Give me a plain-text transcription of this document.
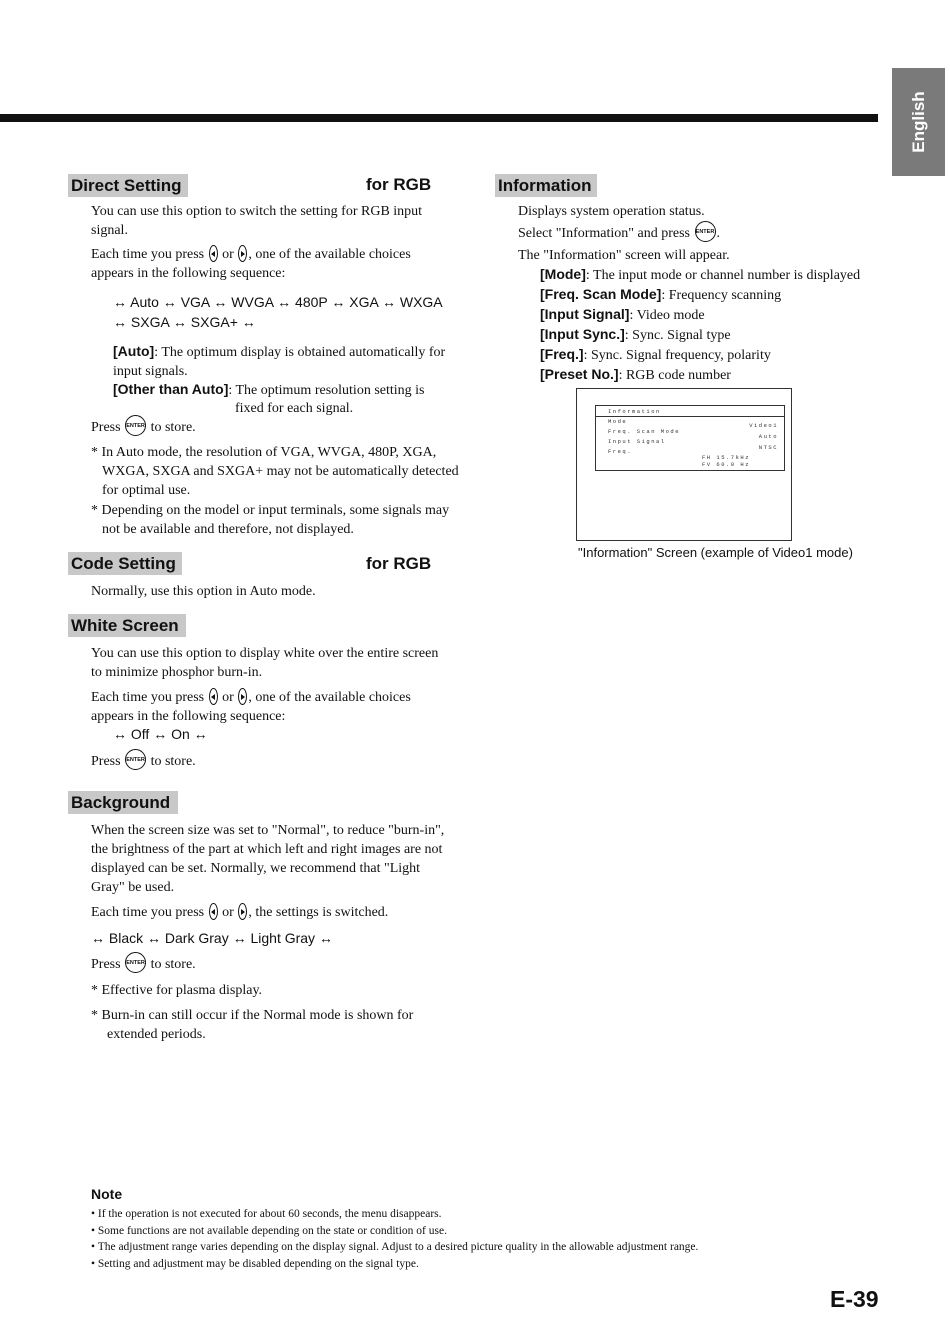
English
Direct Setting	for RGB
You can use this option to switch the setting for RGB input signal.
Each time you press or , one of the available choices appears in the following sequence:
↔ Auto ↔ VGA ↔ WVGA ↔ 480P ↔ XGA ↔ WXGA
↔ SXGA ↔ SXGA+ ↔
[Auto]: The optimum display is obtained automatically for input signals.
[Other than Auto]: The optimum resolution setting is
fixed for each signal.
Press ENTER to store.
* In Auto mode, the resolution of VGA, WVGA, 480P, XGA, WXGA, SXGA and SXGA+ may not be automatically detected for optimal use.
* Depending on the model or input terminals, some signals may not be available and therefore, not displayed.
Code Setting	for RGB
Normally, use this option in Auto mode.
White Screen
You can use this option to display white over the entire screen to minimize phosphor burn-in.
Each time you press or , one of the available choices appears in the following sequence:
↔ Off ↔ On ↔
Press ENTER to store.
Background
When the screen size was set to "Normal", to reduce "burn-in", the brightness of the part at which left and right images are not displayed can be set. Normally, we recommend that "Light Gray" be used.
Each time you press or , the settings is switched.
↔ Black ↔ Dark Gray ↔ Light Gray ↔
Press ENTER to store.
* Effective for plasma display.
* Burn-in can still occur if the Normal mode is shown for extended periods.
Information
Displays system operation status.
Select "Information" and press ENTER .
The "Information" screen will appear.
[Mode]: The input mode or channel number is displayed
[Freq. Scan Mode]: Frequency scanning
[Input Signal]: Video mode
[Input Sync.]: Sync. Signal type
[Freq.]: Sync. Signal frequency, polarity
[Preset No.]: RGB code number
Information
Mode
Video1
Freq. Scan Mode
Auto
Input Signal
NTSC
Freq.
FH 15.7kHz
FV 60.0 Hz
"Information" Screen (example of Video1 mode)
Note
• If the operation is not executed for about 60 seconds, the menu disappears.
• Some functions are not available depending on the state or condition of use.
• The adjustment range varies depending on the display signal. Adjust to a desired picture quality in the allowable adjustment range.
• Setting and adjustment may be disabled depending on the signal type.
E-39
